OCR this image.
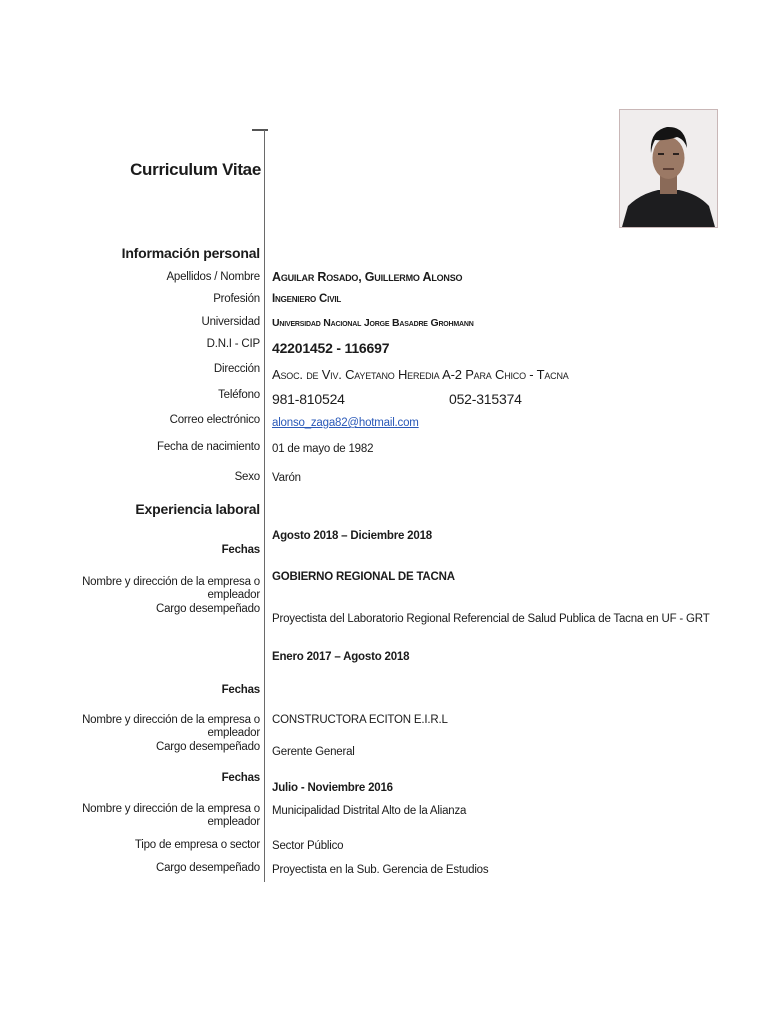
Curriculum Vitae
Información personal
Apellidos / Nombre Aguilar Rosado, Guillermo Alonso
Profesión Ingeniero Civil
Universidad Universidad Nacional Jorge Basadre Grohmann
D.N.I - CIP 42201452 - 116697
Dirección Asoc. de Viv. Cayetano Heredia A-2 Para Chico - Tacna
Teléfono 981-810524	052-315374
Correo electrónico alonso_zaga82@hotmail.com
Fecha de nacimiento 01 de mayo de 1982
Sexo Varón
Experiencia laboral
Agosto 2018 – Diciembre 2018
Fechas
Nombre y dirección de la empresa o empleador
GOBIERNO REGIONAL DE TACNA
Cargo desempeñado
Proyectista del Laboratorio Regional Referencial de Salud Publica de Tacna en UF - GRT
Enero 2017 – Agosto 2018
Fechas
Nombre y dirección de la empresa o empleador
CONSTRUCTORA ECITON E.I.R.L
Cargo desempeñado Gerente General
Fechas
Julio - Noviembre 2016
Nombre y dirección de la empresa o empleador
Municipalidad Distrital Alto de la Alianza
Tipo de empresa o sector Sector Público
Cargo desempeñado Proyectista en la Sub. Gerencia de Estudios
